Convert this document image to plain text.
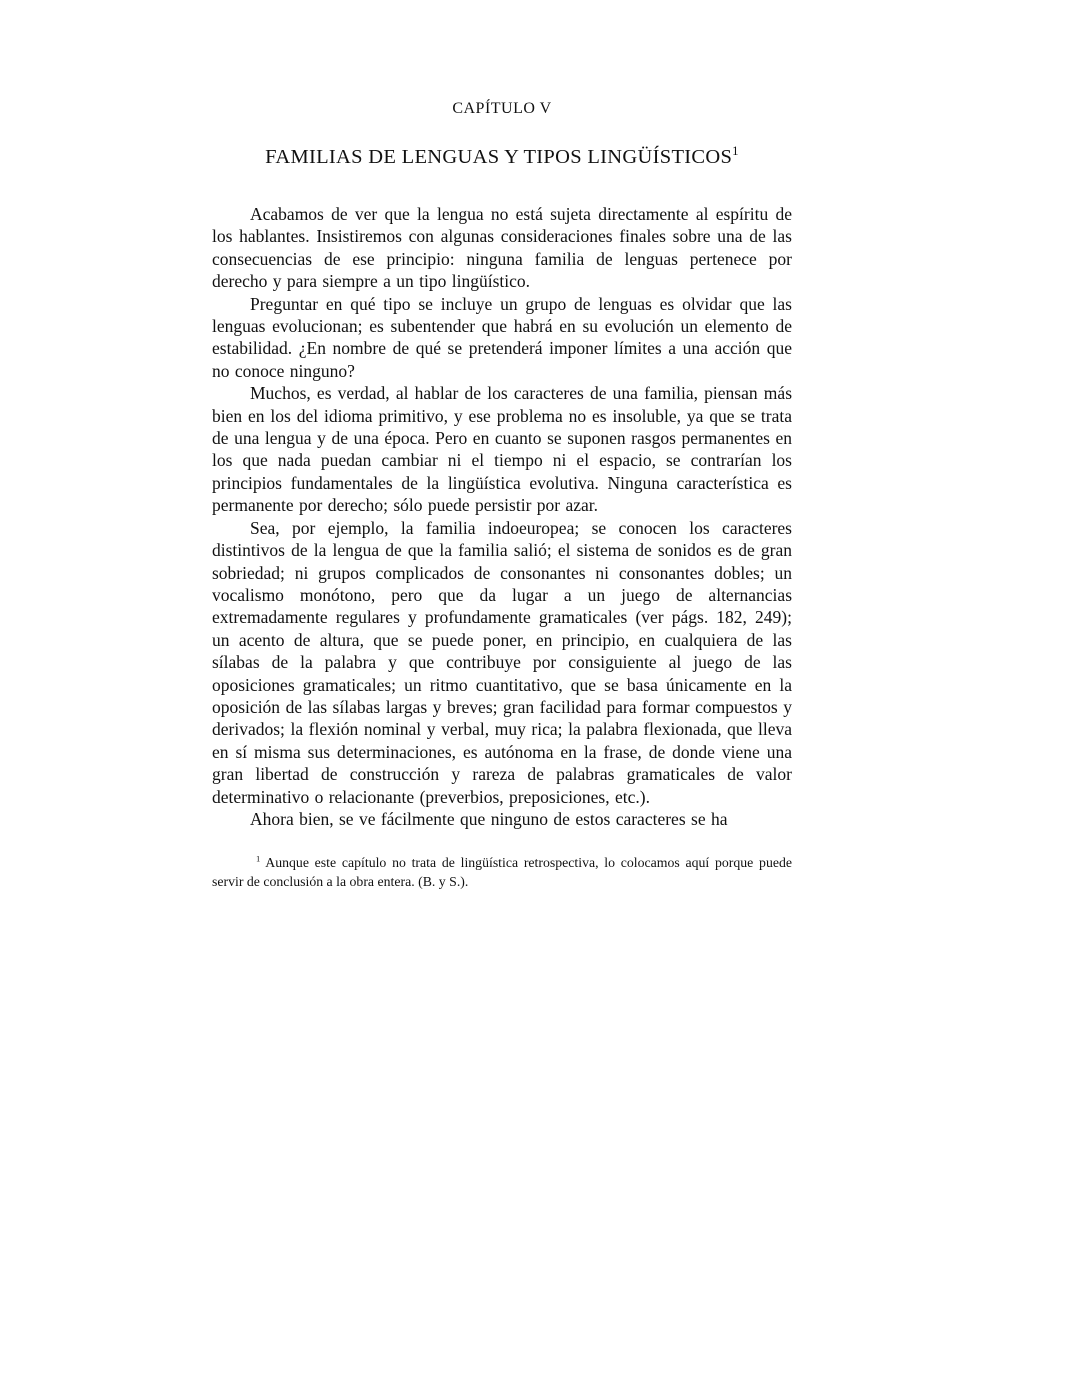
CAPÍTULO V
FAMILIAS DE LENGUAS Y TIPOS LINGÜÍSTICOS$^1$

Acabamos de ver que la lengua no está sujeta directamente al espíritu de los hablantes. Insistiremos con algunas consideraciones finales sobre una de las consecuencias de ese principio: ninguna familia de lenguas pertenece por derecho y para siempre a un tipo lingüístico.

Preguntar en qué tipo se incluye un grupo de lenguas es olvidar que las lenguas evolucionan; es subentender que habrá en su evolución un elemento de estabilidad. ¿En nombre de qué se pretenderá imponer límites a una acción que no conoce ninguno?

Muchos, es verdad, al hablar de los caracteres de una familia, piensan más bien en los del idioma primitivo, y ese problema no es insoluble, ya que se trata de una lengua y de una época. Pero en cuanto se suponen rasgos permanentes en los que nada puedan cambiar ni el tiempo ni el espacio, se contrarían los principios fundamentales de la lingüística evolutiva. Ninguna característica es permanente por derecho; sólo puede persistir por azar.

Sea, por ejemplo, la familia indoeuropea; se conocen los caracteres distintivos de la lengua de que la familia salió; el sistema de sonidos es de gran sobriedad; ni grupos complicados de consonantes ni consonantes dobles; un vocalismo monótono, pero que da lugar a un juego de alternancias extremadamente regulares y profundamente gramaticales (ver págs. 182, 249); un acento de altura, que se puede poner, en principio, en cualquiera de las sílabas de la palabra y que contribuye por consiguiente al juego de las oposiciones gramaticales; un ritmo cuantitativo, que se basa únicamente en la oposición de las sílabas largas y breves; gran facilidad para formar compuestos y derivados; la flexión nominal y verbal, muy rica; la palabra flexionada, que lleva en sí misma sus determinaciones, es autónoma en la frase, de donde viene una gran libertad de construcción y rareza de palabras gramaticales de valor determinativo o relacionante (preverbios, preposiciones, etc.).

Ahora bien, se ve fácilmente que ninguno de estos caracteres se ha

$^1$ Aunque este capítulo no trata de lingüística retrospectiva, lo colocamos aquí porque puede servir de conclusión a la obra entera. (B. y S.).
